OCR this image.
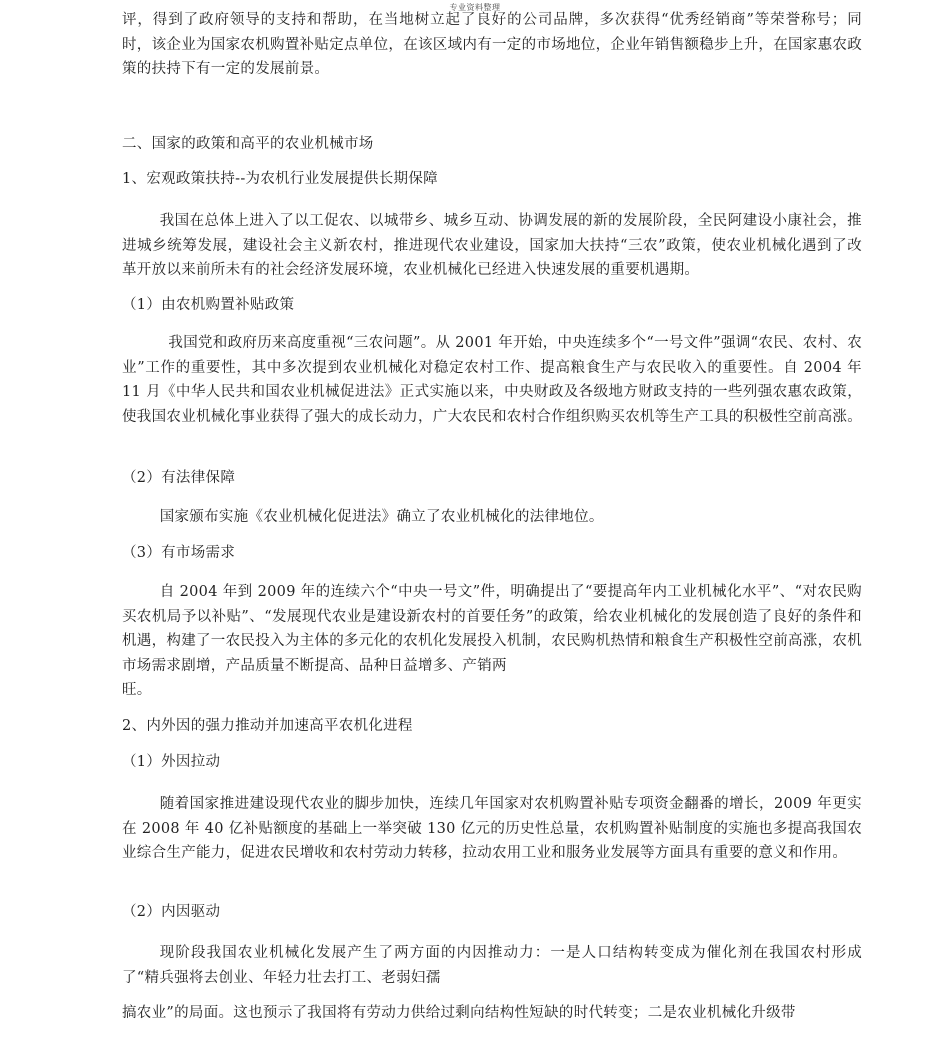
专业资料整理
评，得到了政府领导的支持和帮助，在当地树立起了良好的公司品牌，多次获得“优秀经销商”等荣誉称号；同时，该企业为国家农机购置补贴定点单位，在该区域内有一定的市场地位，企业年销售额稳步上升，在国家惠农政策的扶持下有一定的发展前景。
二、国家的政策和高平的农业机械市场
1、宏观政策扶持--为农机行业发展提供长期保障
我国在总体上进入了以工促农、以城带乡、城乡互动、协调发展的新的发展阶段，全民阿建设小康社会，推进城乡统筹发展，建设社会主义新农村，推进现代农业建设，国家加大扶持“三农”政策，使农业机械化遇到了改革开放以来前所未有的社会经济发展环境，农业机械化已经进入快速发展的重要机遇期。
（1）由农机购置补贴政策
我国党和政府历来高度重视“三农问题”。从 2001 年开始，中央连续多个“一号文件”强调“农民、农村、农业”工作的重要性，其中多次提到农业机械化对稳定农村工作、提高粮食生产与农民收入的重要性。自 2004 年 11 月《中华人民共和国农业机械促进法》正式实施以来，中央财政及各级地方财政支持的一些列强农惠农政策，使我国农业机械化事业获得了强大的成长动力，广大农民和农村合作组织购买农机等生产工具的积极性空前高涨。
（2）有法律保障
国家颁布实施《农业机械化促进法》确立了农业机械化的法律地位。
（3）有市场需求
自 2004 年到 2009 年的连续六个“中央一号文”件，明确提出了“要提高年内工业机械化水平”、“对农民购买农机局予以补贴”、“发展现代农业是建设新农村的首要任务”的政策，给农业机械化的发展创造了良好的条件和机遇，构建了一农民投入为主体的多元化的农机化发展投入机制，农民购机热情和粮食生产积极性空前高涨，农机市场需求剧增，产品质量不断提高、品种日益增多、产销两
旺。
2、内外因的强力推动并加速高平农机化进程
（1）外因拉动
随着国家推进建设现代农业的脚步加快，连续几年国家对农机购置补贴专项资金翻番的增长，2009 年更实在 2008 年 40 亿补贴额度的基础上一举突破 130 亿元的历史性总量，农机购置补贴制度的实施也多提高我国农业综合生产能力，促进农民增收和农村劳动力转移，拉动农用工业和服务业发展等方面具有重要的意义和作用。
（2）内因驱动
现阶段我国农业机械化发展产生了两方面的内因推动力：一是人口结构转变成为催化剂在我国农村形成了“精兵强将去创业、年轻力壮去打工、老弱妇孺
搞农业”的局面。这也预示了我国将有劳动力供给过剩向结构性短缺的时代转变；二是农业机械化升级带
